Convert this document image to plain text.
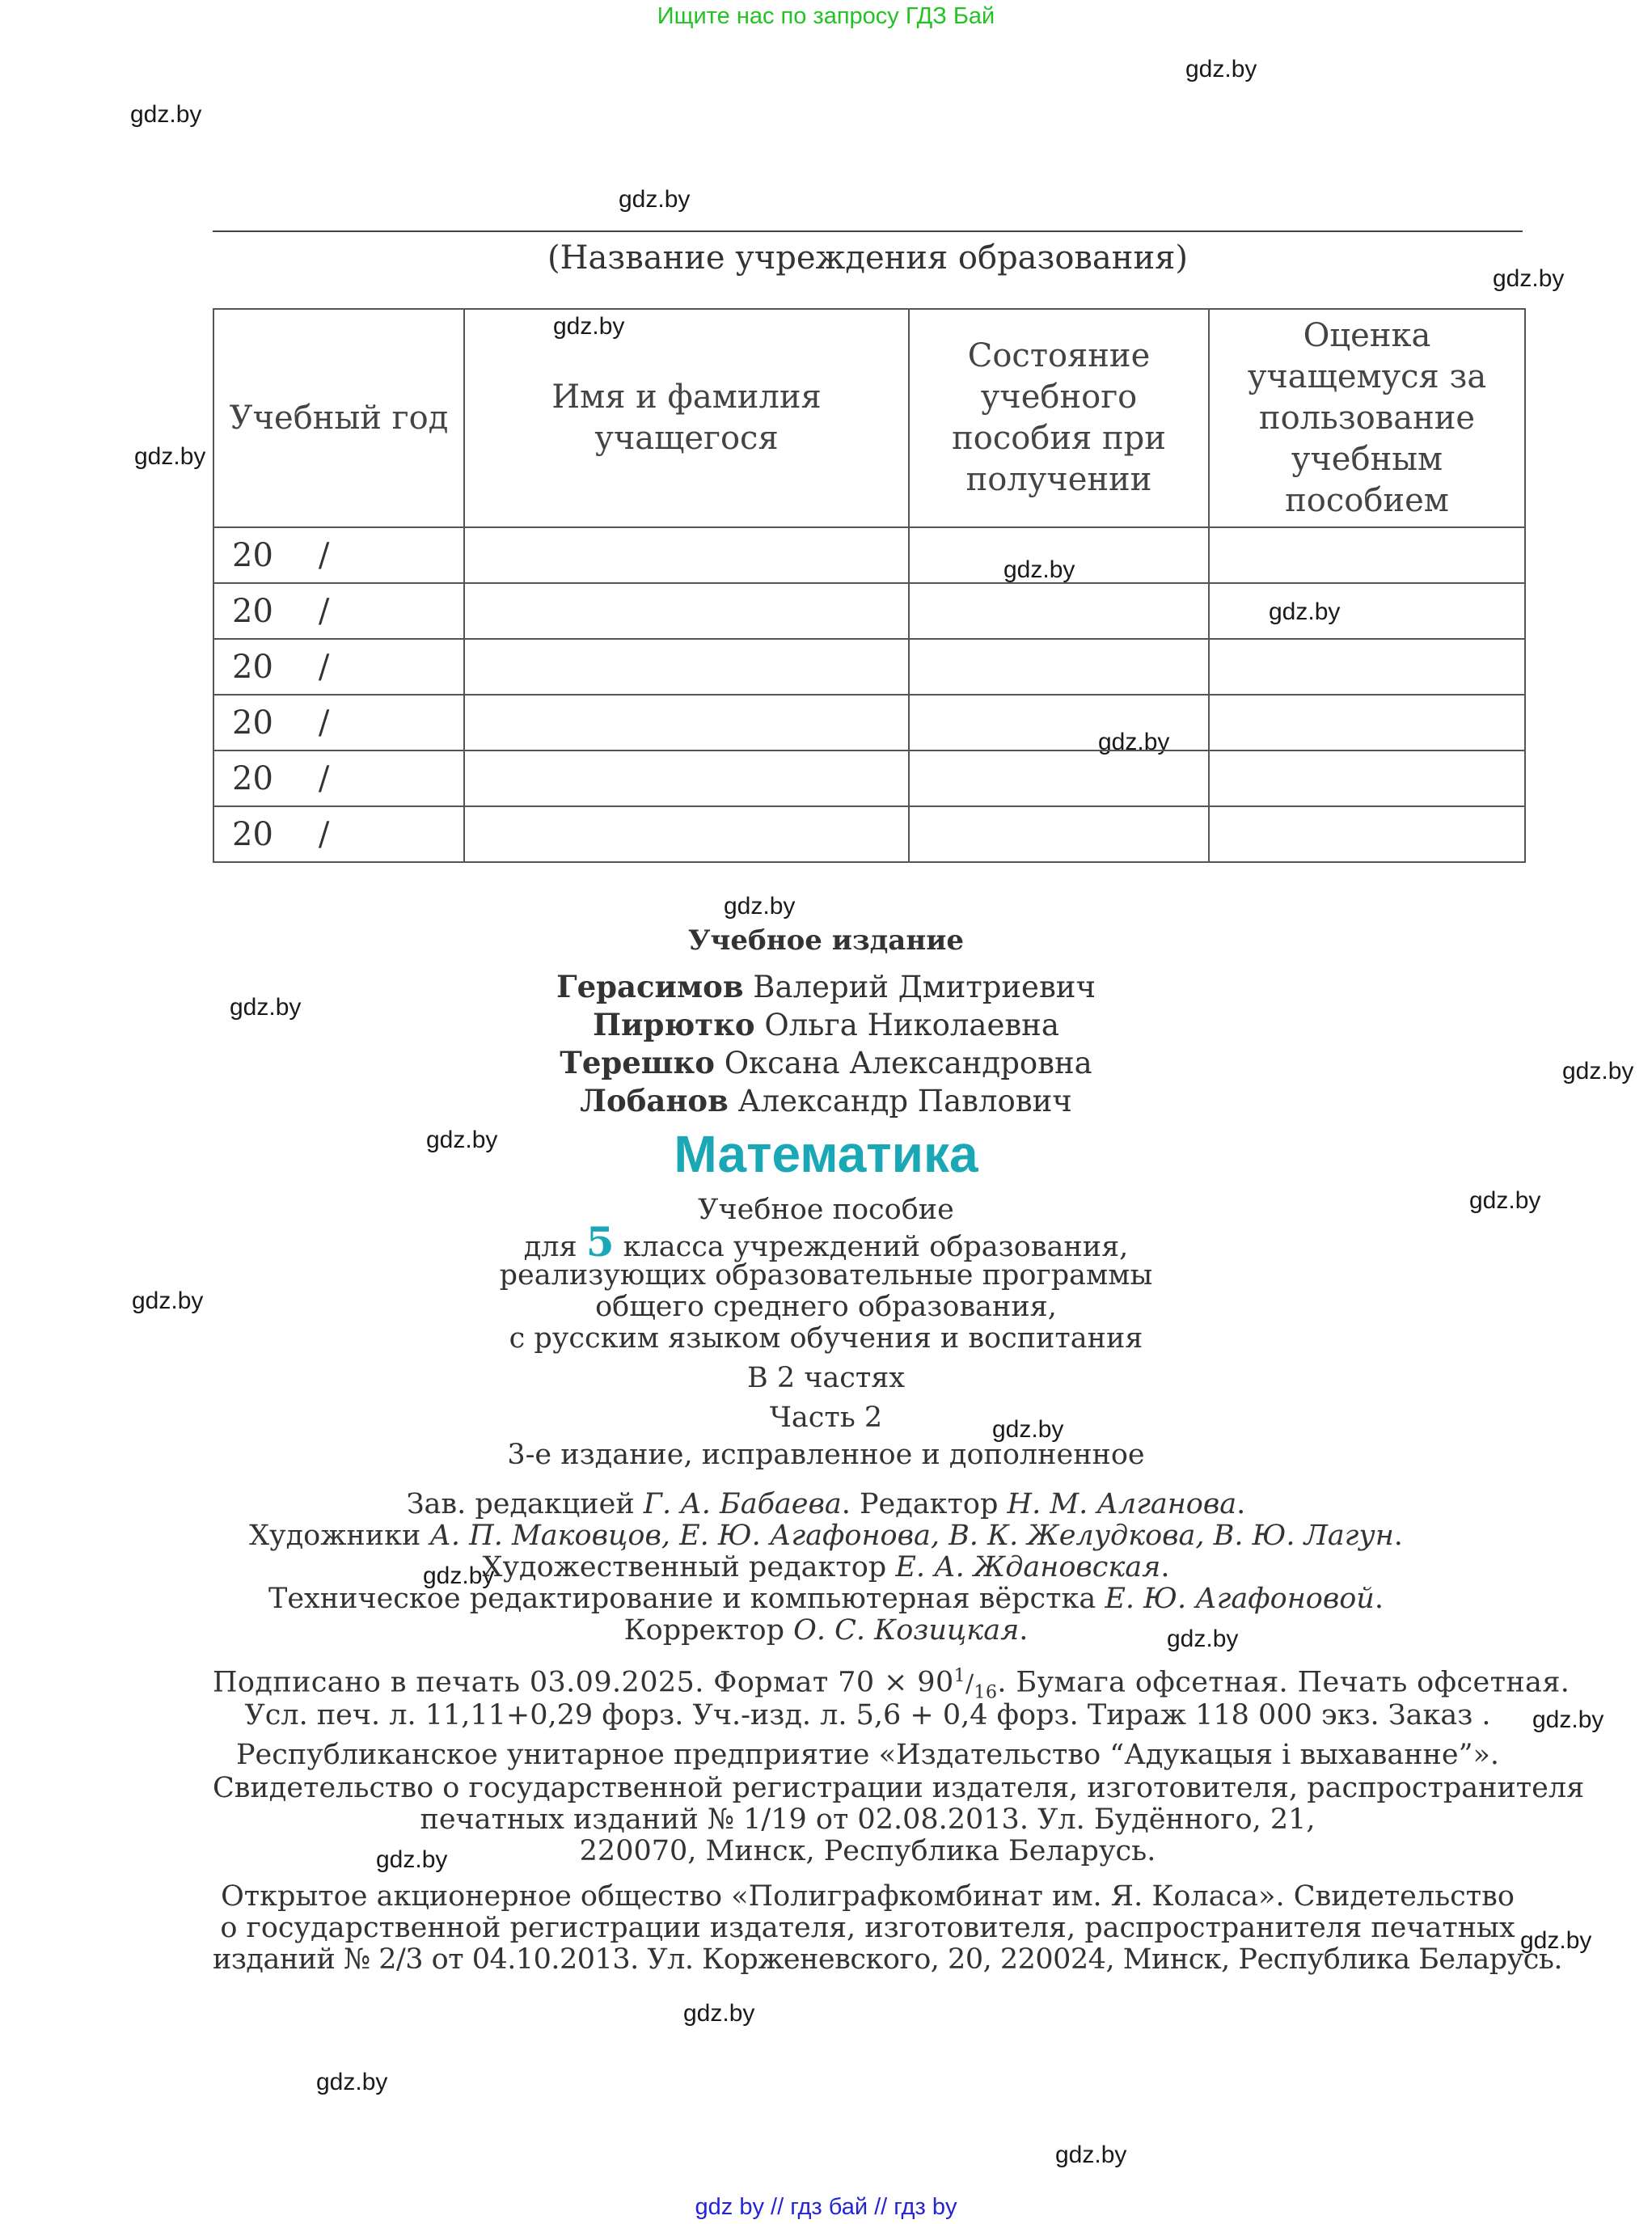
Ищите нас по запросу ГДЗ Бай
gdz.by
gdz.by
gdz.by
gdz.by
gdz.by
gdz.by
gdz.by
gdz.by
gdz.by
gdz.by
gdz.by
gdz.by
gdz.by
gdz.by
gdz.by
gdz.by
gdz.by
gdz.by
gdz.by
gdz.by
gdz.by
gdz.by
gdz.by
gdz.by
(Название учреждения образования)
Учебный год	Имя и фамилия учащегося	Состояние учебного пособия при получении	Оценка учащемуся за пользование учебным пособием
20 /			
20 /			
20 /			
20 /			
20 /			
20 /			
Учебное издание
Герасимов Валерий Дмитриевич
Пирютко Ольга Николаевна
Терешко Оксана Александровна
Лобанов Александр Павлович
Математика
Учебное пособие
для 5 класса учреждений образования,
реализующих образовательные программы
общего среднего образования,
с русским языком обучения и воспитания
В 2 частях
Часть 2
3-е издание, исправленное и дополненное
Зав. редакцией Г. А. Бабаева. Редактор Н. М. Алганова.
Художники А. П. Маковцов, Е. Ю. Агафонова, В. К. Желудкова, В. Ю. Лагун.
Художественный редактор Е. А. Ждановская.
Техническое редактирование и компьютерная вёрстка Е. Ю. Агафоновой.
Корректор О. С. Козицкая.
Подписано в печать 03.09.2025. Формат $70 \times 90^1/_{16}$. Бумага офсетная. Печать офсетная.
Усл. печ. л. 11,11+0,29 форз. Уч.-изд. л. 5,6 + 0,4 форз. Тираж 118 000 экз. Заказ .
Республиканское унитарное предприятие «Издательство “Адукацыя і выхаванне”».
Свидетельство о государственной регистрации издателя, изготовителя, распространителя
печатных изданий № 1/19 от 02.08.2013. Ул. Будённого, 21,
220070, Минск, Республика Беларусь.
Открытое акционерное общество «Полиграфкомбинат им. Я. Коласа». Свидетельство
о государственной регистрации издателя, изготовителя, распространителя печатных
изданий № 2/3 от 04.10.2013. Ул. Корженевского, 20, 220024, Минск, Республика Беларусь.
gdz by // гдз бай // гдз by
